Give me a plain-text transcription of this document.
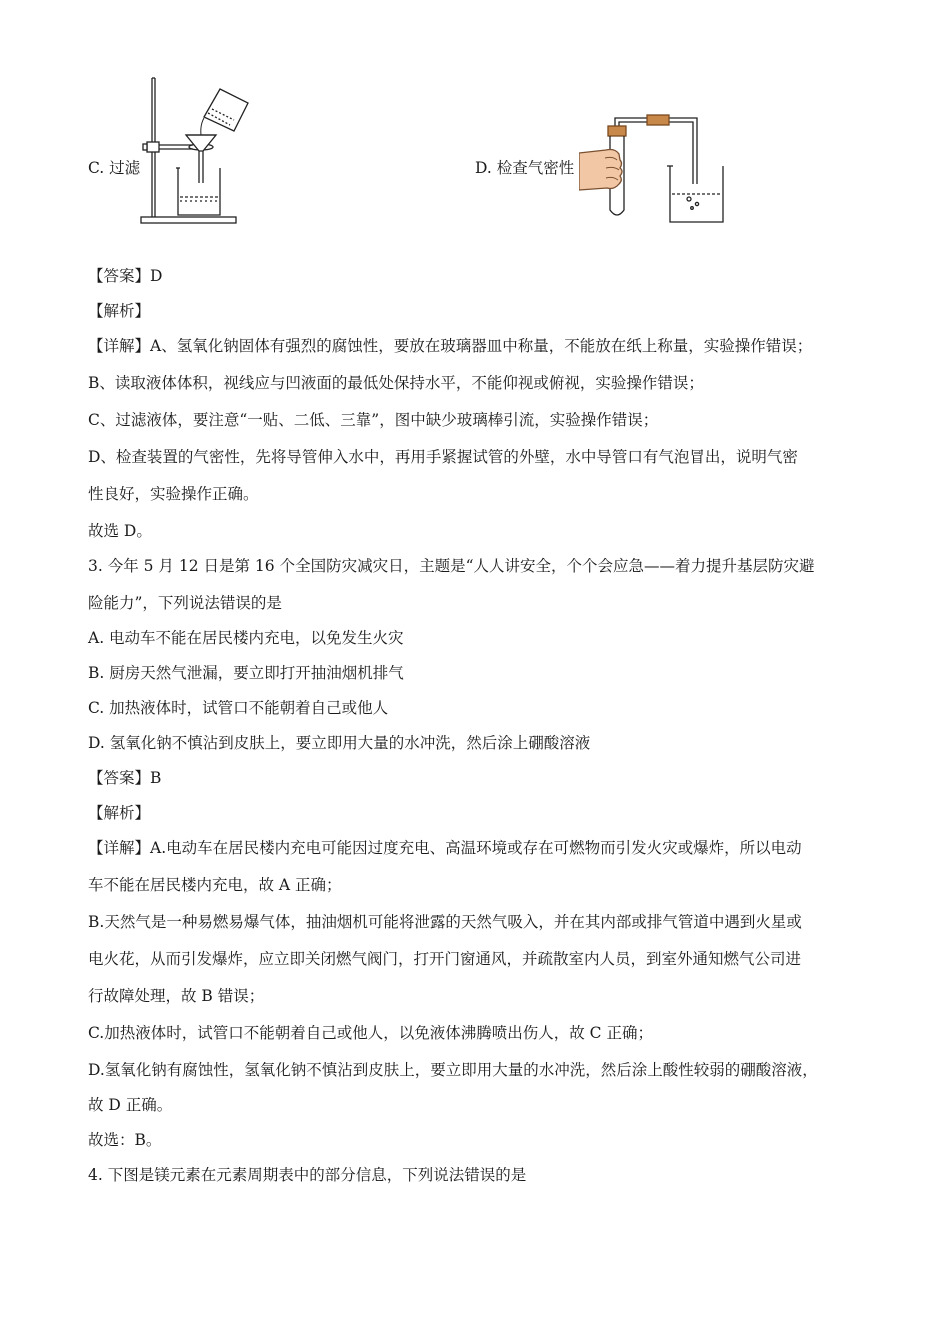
C. 过滤	D. 检查气密性

【答案】D

【解析】

【详解】A、氢氧化钠固体有强烈的腐蚀性，要放在玻璃器皿中称量，不能放在纸上称量，实验操作错误；

B、读取液体体积，视线应与凹液面的最低处保持水平，不能仰视或俯视，实验操作错误；

C、过滤液体，要注意“一贴、二低、三靠”，图中缺少玻璃棒引流，实验操作错误；

D、检查装置的气密性，先将导管伸入水中，再用手紧握试管的外壁，水中导管口有气泡冒出，说明气密

性良好，实验操作正确。

故选 D。

3. 今年 5 月 12 日是第 16 个全国防灾减灾日，主题是“人人讲安全，个个会应急——着力提升基层防灾避

险能力”，下列说法错误的是

A. 电动车不能在居民楼内充电，以免发生火灾

B. 厨房天然气泄漏，要立即打开抽油烟机排气

C. 加热液体时，试管口不能朝着自己或他人

D. 氢氧化钠不慎沾到皮肤上，要立即用大量的水冲洗，然后涂上硼酸溶液

【答案】B

【解析】

【详解】A.电动车在居民楼内充电可能因过度充电、高温环境或存在可燃物而引发火灾或爆炸，所以电动

车不能在居民楼内充电，故 A 正确；

B.天然气是一种易燃易爆气体，抽油烟机可能将泄露的天然气吸入，并在其内部或排气管道中遇到火星或

电火花，从而引发爆炸，应立即关闭燃气阀门，打开门窗通风，并疏散室内人员，到室外通知燃气公司进

行故障处理，故 B 错误；

C.加热液体时，试管口不能朝着自己或他人，以免液体沸腾喷出伤人，故 C 正确；

D.氢氧化钠有腐蚀性，氢氧化钠不慎沾到皮肤上，要立即用大量的水冲洗，然后涂上酸性较弱的硼酸溶液，

故 D 正确。

故选：B。

4. 下图是镁元素在元素周期表中的部分信息，下列说法错误的是
